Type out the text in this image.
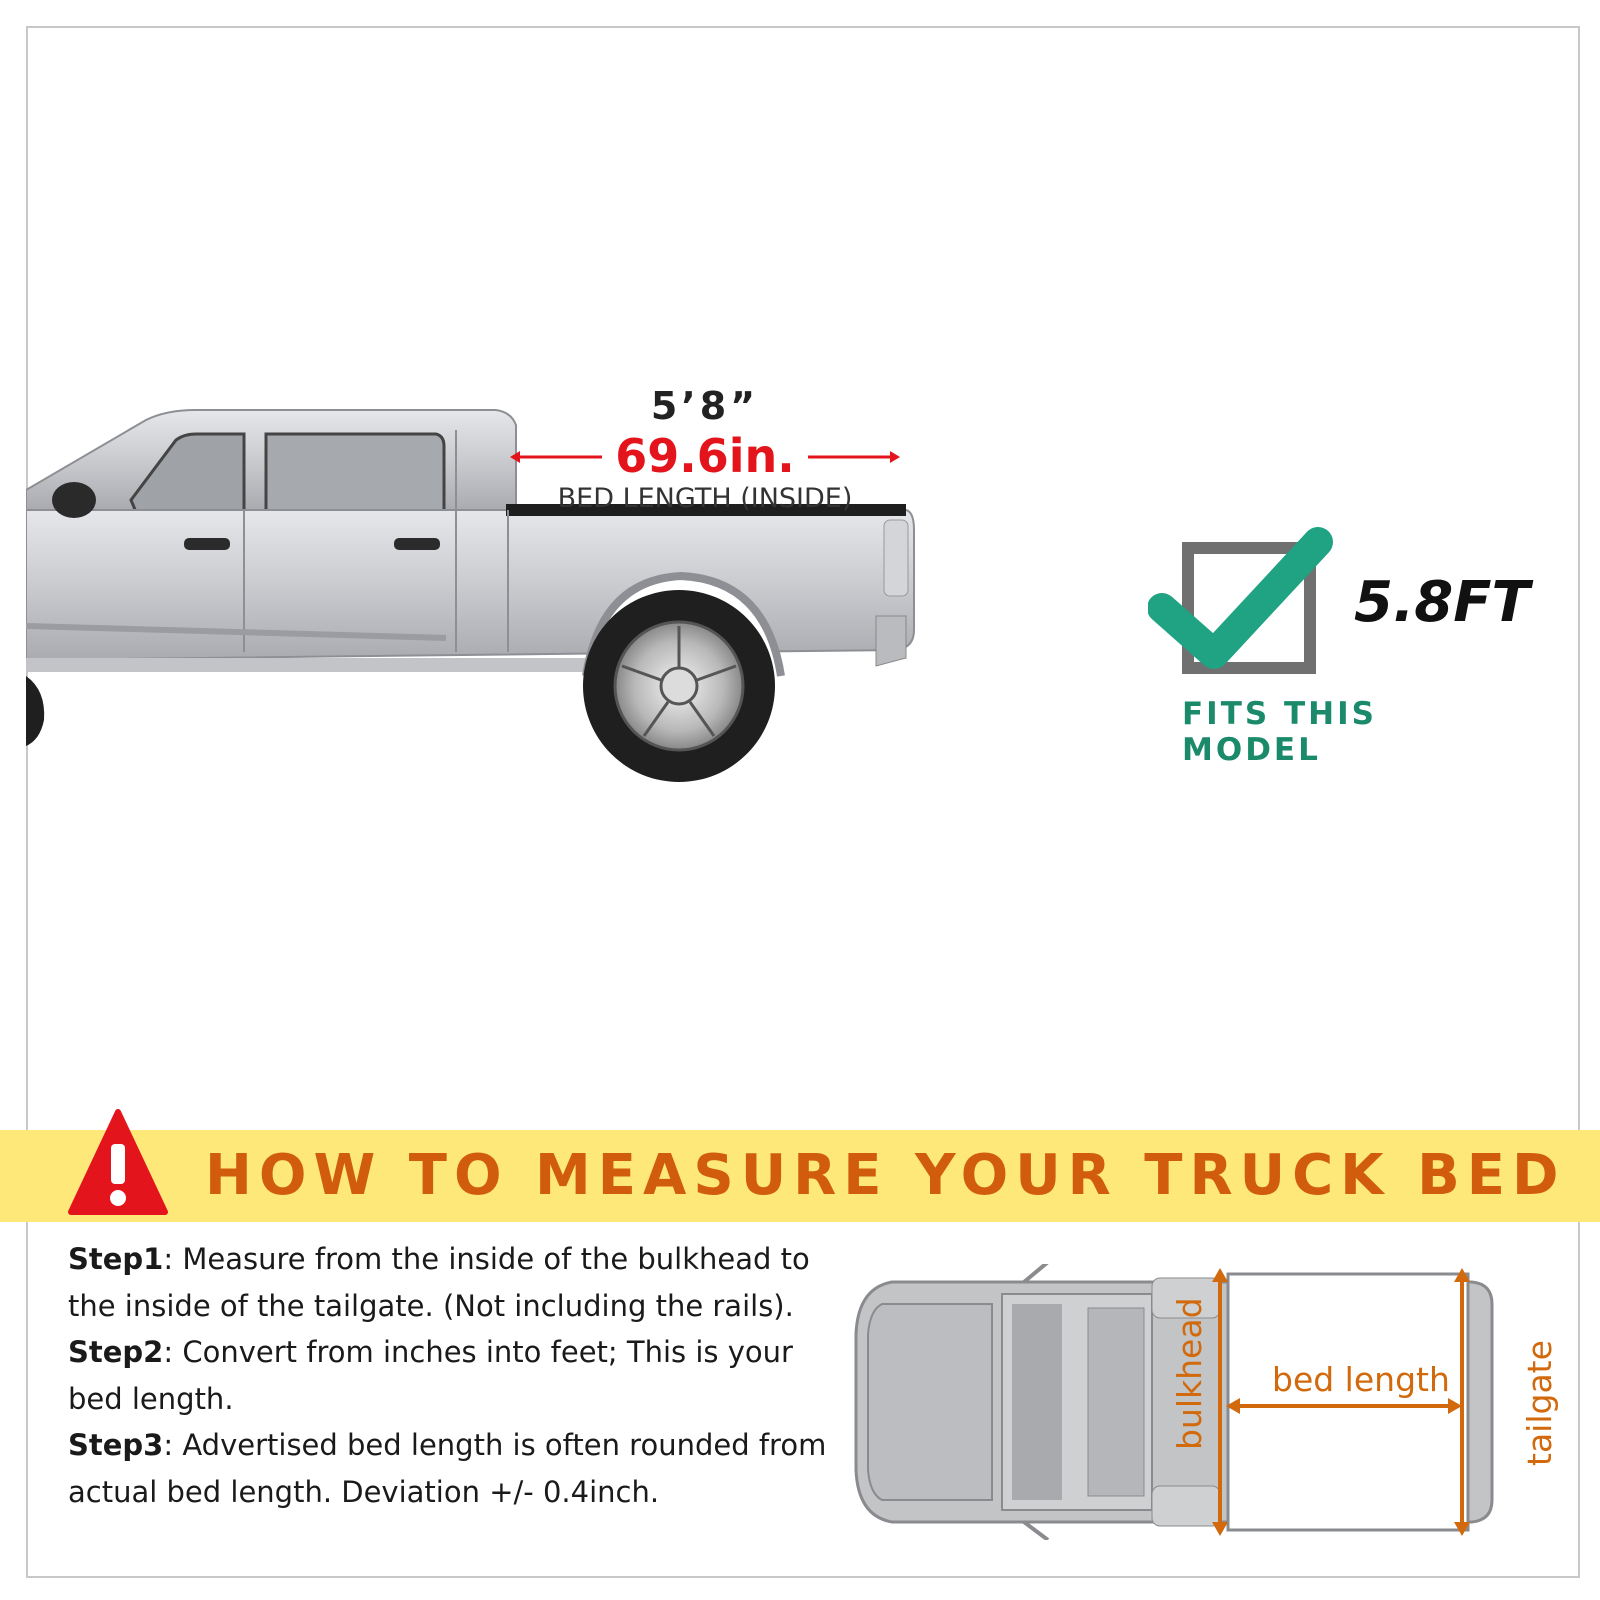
5’8”
69.6in.
BED LENGTH (INSIDE)
5.8FT
FITS THIS MODEL
HOW TO MEASURE YOUR TRUCK BED

Step1: Measure from the inside of the bulkhead to the inside of the tailgate. (Not including the rails).

Step2: Convert from inches into feet; This is your bed length.

Step3: Advertised bed length is often rounded from actual bed length. Deviation +/- 0.4inch.

bulkhead bed length tailgate
